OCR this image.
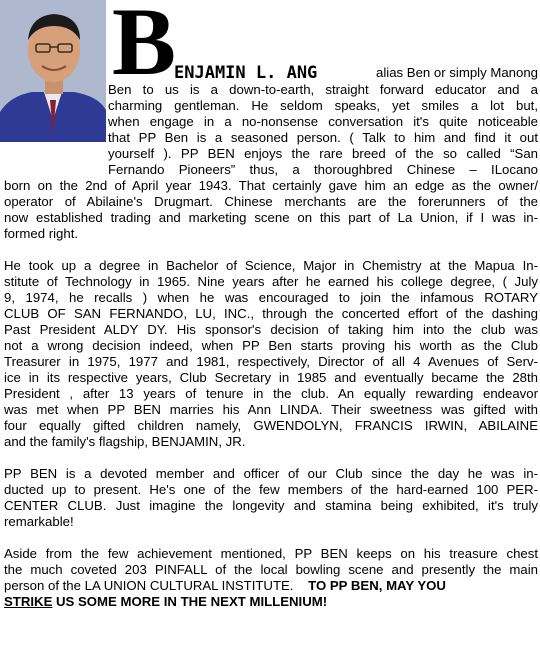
B ENJAMIN L. ANG	alias Ben or simply Manong
Ben to us is a down-to-earth, straight forward educator and a
charming gentleman. He seldom speaks, yet smiles a lot but,
when engage in a no-nonsense conversation it's quite noticeable
that PP Ben is a seasoned person. ( Talk to him and find it out
yourself ). PP BEN enjoys the rare breed of the so called “San
Fernando Pioneers” thus, a thoroughbred Chinese – ILocano
born on the 2nd of April year 1943. That certainly gave him an edge as the owner/
operator of Abilaine's Drugmart. Chinese merchants are the forerunners of the
now established trading and marketing scene on this part of La Union, if I was in-
formed right.
He took up a degree in Bachelor of Science, Major in Chemistry at the Mapua In-
stitute of Technology in 1965. Nine years after he earned his college degree, ( July
9, 1974, he recalls ) when he was encouraged to join the infamous ROTARY
CLUB OF SAN FERNANDO, LU, INC., through the concerted effort of the dashing
Past President ALDY DY. His sponsor's decision of taking him into the club was
not a wrong decision indeed, when PP Ben starts proving his worth as the Club
Treasurer in 1975, 1977 and 1981, respectively, Director of all 4 Avenues of Serv-
ice in its respective years, Club Secretary in 1985 and eventually became the 28th
President , after 13 years of tenure in the club. An equally rewarding endeavor
was met when PP BEN marries his Ann LINDA. Their sweetness was gifted with
four equally gifted children namely, GWENDOLYN, FRANCIS IRWIN, ABILAINE
and the family's flagship, BENJAMIN, JR.
PP BEN is a devoted member and officer of our Club since the day he was in-
ducted up to present. He's one of the few members of the hard-earned 100 PER-
CENTER CLUB. Just imagine the longevity and stamina being exhibited, it's truly
remarkable!
Aside from the few achievement mentioned, PP BEN keeps on his treasure chest
the much coveted 203 PINFALL of the local bowling scene and presently the main
person of the LA UNION CULTURAL INSTITUTE. TO PP BEN, MAY YOU
STRIKE US SOME MORE IN THE NEXT MILLENIUM!
